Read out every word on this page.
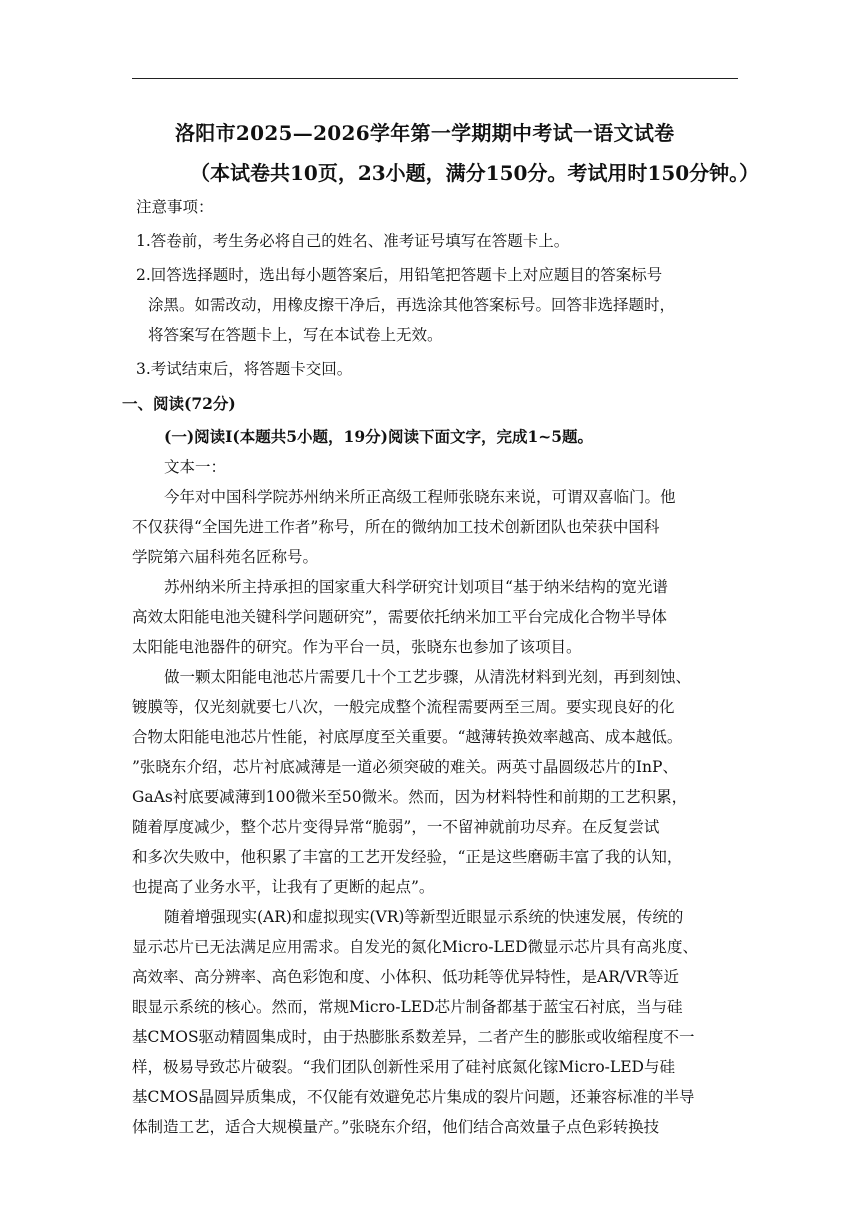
洛阳市2025—2026学年第一学期期中考试一语文试卷
（本试卷共10页，23小题，满分150分。考试用时150分钟。）
注意事项：
1.答卷前，考生务必将自己的姓名、准考证号填写在答题卡上。
2.回答选择题时，选出每小题答案后，用铅笔把答题卡上对应题目的答案标号
涂黑。如需改动，用橡皮擦干净后，再选涂其他答案标号。回答非选择题时，
将答案写在答题卡上，写在本试卷上无效。
3.考试结束后，将答题卡交回。
一、阅读(72分)
(一)阅读I(本题共5小题，19分)阅读下面文字，完成1~5题。
文本一：
今年对中国科学院苏州纳米所正高级工程师张晓东来说，可谓双喜临门。他
不仅获得“全国先进工作者”称号，所在的微纳加工技术创新团队也荣获中国科
学院第六届科苑名匠称号。
苏州纳米所主持承担的国家重大科学研究计划项目“基于纳米结构的宽光谱
高效太阳能电池关键科学问题研究”，需要依托纳米加工平台完成化合物半导体
太阳能电池器件的研究。作为平台一员，张晓东也参加了该项目。
做一颗太阳能电池芯片需要几十个工艺步骤，从清洗材料到光刻，再到刻蚀、
镀膜等，仅光刻就要七八次，一般完成整个流程需要两至三周。要实现良好的化
合物太阳能电池芯片性能，衬底厚度至关重要。“越薄转换效率越高、成本越低。
”张晓东介绍，芯片衬底减薄是一道必须突破的难关。两英寸晶圆级芯片的InP、
GaAs衬底要减薄到100微米至50微米。然而，因为材料特性和前期的工艺积累，
随着厚度减少，整个芯片变得异常“脆弱”，一不留神就前功尽弃。在反复尝试
和多次失败中，他积累了丰富的工艺开发经验，“正是这些磨砺丰富了我的认知，
也提高了业务水平，让我有了更断的起点”。
随着增强现实(AR)和虚拟现实(VR)等新型近眼显示系统的快速发展，传统的
显示芯片已无法满足应用需求。自发光的氮化Micro-LED微显示芯片具有高兆度、
高效率、高分辨率、高色彩饱和度、小体积、低功耗等优异特性，是AR/VR等近
眼显示系统的核心。然而，常规Micro-LED芯片制备都基于蓝宝石衬底，当与硅
基CMOS驱动精圆集成时，由于热膨胀系数差异，二者产生的膨胀或收缩程度不一
样，极易导致芯片破裂。“我们团队创新性采用了硅衬底氮化镓Micro-LED与硅
基CMOS晶圆异质集成，不仅能有效避免芯片集成的裂片问题，还兼容标准的半导
体制造工艺，适合大规模量产。”张晓东介绍，他们结合高效量子点色彩转换技
